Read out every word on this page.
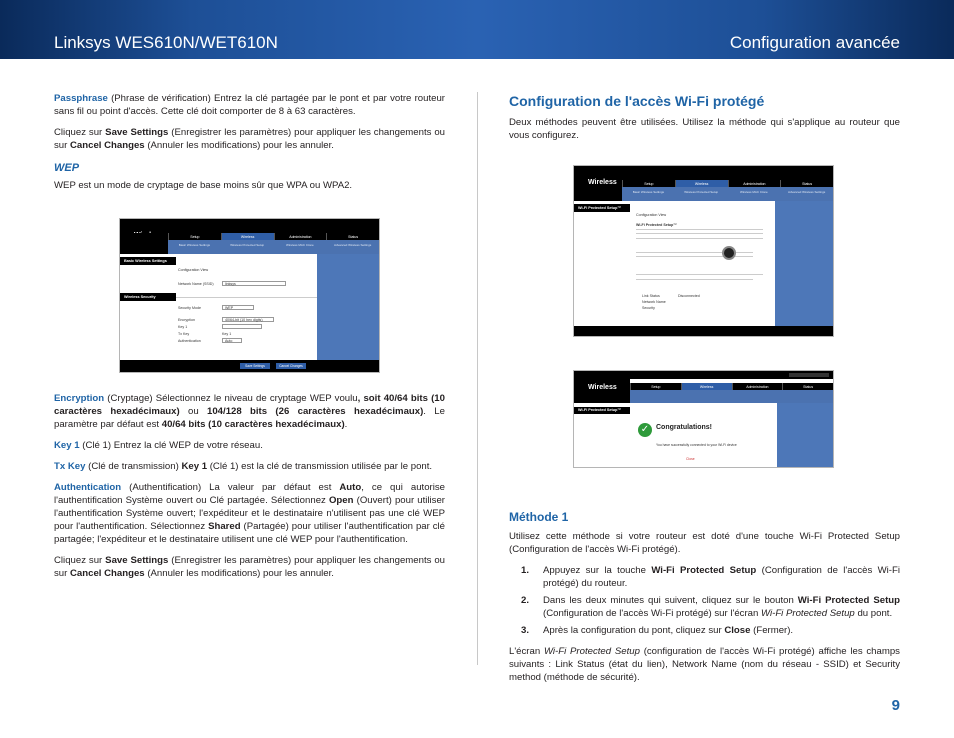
Linksys WES610N/WET610N	Configuration avancée

Passphrase (Phrase de vérification) Entrez la clé partagée par le pont et par votre routeur sans fil ou point d'accès. Cette clé doit comporter de 8 à 63 caractères.

Cliquez sur Save Settings (Enregistrer les paramètres) pour appliquer les changements ou sur Cancel Changes (Annuler les modifications) pour les annuler.

WEP

WEP est un mode de cryptage de base moins sûr que WPA ou WPA2.

Encryption (Cryptage) Sélectionnez le niveau de cryptage WEP voulu, soit 40/64 bits (10 caractères hexadécimaux) ou 104/128 bits (26 caractères hexadécimaux). Le paramètre par défaut est 40/64 bits (10 caractères hexadécimaux).

Key 1 (Clé 1) Entrez la clé WEP de votre réseau.

Tx Key (Clé de transmission) Key 1 (Clé 1) est la clé de transmission utilisée par le pont.

Authentication (Authentification) La valeur par défaut est Auto, ce qui autorise l'authentification Système ouvert ou Clé partagée. Sélectionnez Open (Ouvert) pour utiliser l'authentification Système ouvert; l'expéditeur et le destinataire n'utilisent pas une clé WEP pour l'authentification. Sélectionnez Shared (Partagée) pour utiliser l'authentification par clé partagée; l'expéditeur et le destinataire utilisent une clé WEP pour l'authentification.

Cliquez sur Save Settings (Enregistrer les paramètres) pour appliquer les changements ou sur Cancel Changes (Annuler les modifications) pour les annuler.

Setup	Wireless	Administration	Status
Basic Wireless Settings	Wireless Protected Setup	Wireless MAC Clone	Advanced Wireless Settings
Basic Wireless Settings
Wireless Security
Configuration View
Network Name (SSID)	linksys
Security Mode	WEP
Encryption	40/64-bit (10 hex digits)
Key 1
Tx Key	Key 1
Authentication	Auto
Save Settings	Cancel Changes
Configuration de l'accès Wi-Fi protégé

Deux méthodes peuvent être utilisées. Utilisez la méthode qui s'applique au routeur que vous configurez.

Méthode 1

Utilisez cette méthode si votre routeur est doté d'une touche Wi-Fi Protected Setup (Configuration de l'accès Wi-Fi protégé).

1.	Appuyez sur la touche Wi-Fi Protected Setup (Configuration de l'accès Wi-Fi protégé) du routeur.
2.	Dans les deux minutes qui suivent, cliquez sur le bouton Wi-Fi Protected Setup (Configuration de l'accès Wi-Fi protégé) sur l'écran Wi-Fi Protected Setup du pont.
3.	Après la configuration du pont, cliquez sur Close (Fermer).

L'écran Wi-Fi Protected Setup (configuration de l'accès Wi-Fi protégé) affiche les champs suivants : Link Status (état du lien), Network Name (nom du réseau - SSID) et Security method (méthode de sécurité).

Wireless	Setup	Wireless	Administration	Status
Basic Wireless Settings	Wireless Protected Setup	Wireless MAC Clone	Advanced Wireless Settings
Wi-Fi Protected Setup™
Configuration View
Wi-Fi Protected Setup™
Link Status	Disconnected
Network Name
Security
Wireless	Setup	Wireless	Administration	Status
Wi-Fi Protected Setup™
✓ Congratulations!
You have successfully connected to your Wi-Fi device
Close
9
